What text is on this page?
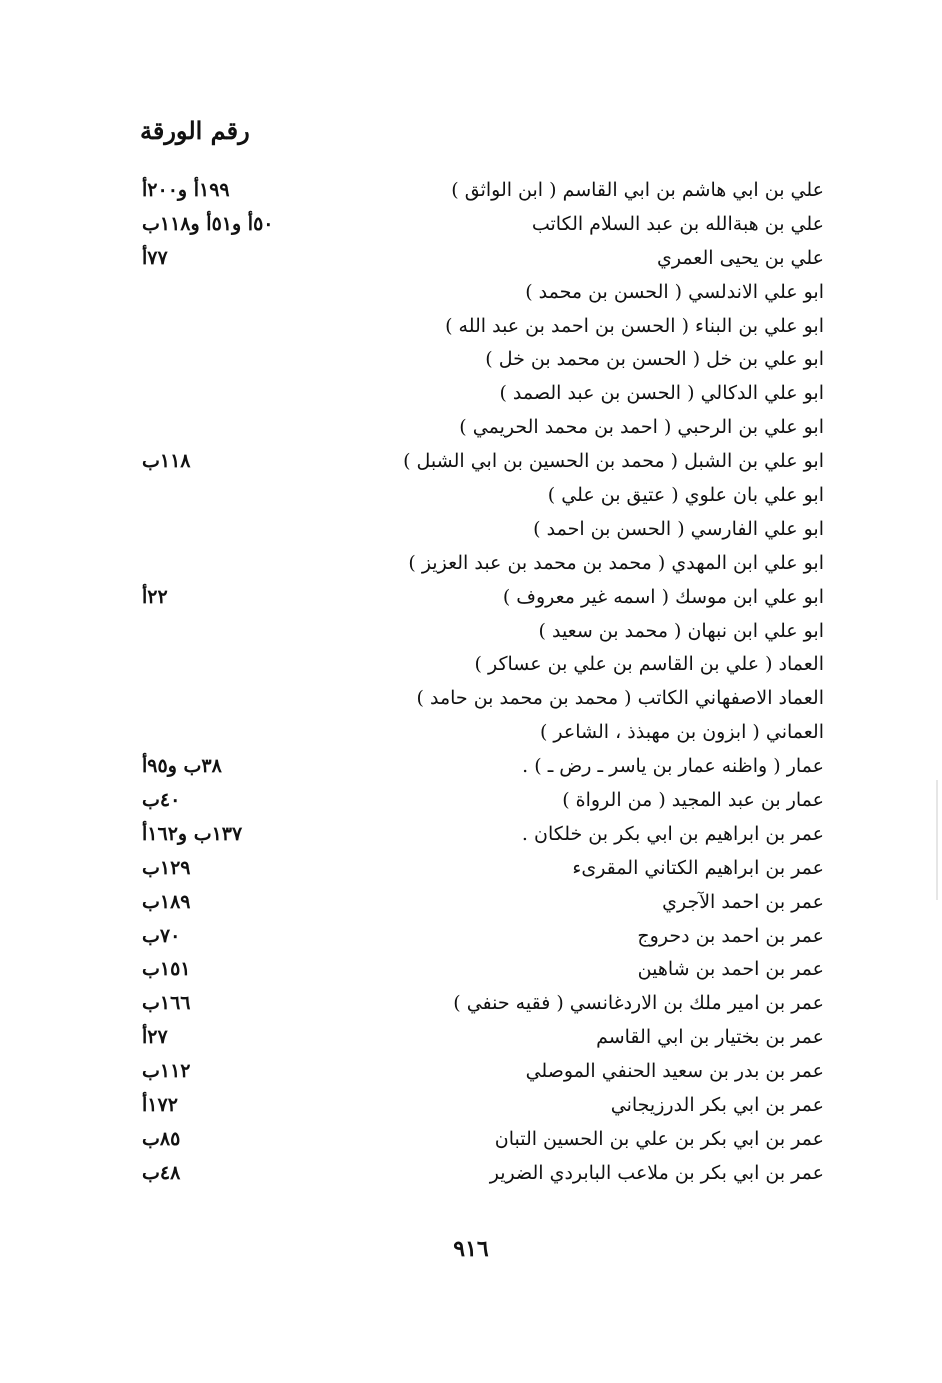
رقم الورقة
علي بن ابي هاشم بن ابي القاسم ( ابن الواثق )
١٩٩أ و٢٠٠أ
علي بن هبةالله بن عبد السلام الكاتب
٥٠أ و٥١أ و١١٨ب
علي بن يحيى العمري
٧٧أ
ابو علي الاندلسي ( الحسن بن محمد )
ابو علي بن البناء ( الحسن بن احمد بن عبد الله )
ابو علي بن خل ( الحسن بن محمد بن خل )
ابو علي الدكالي ( الحسن بن عبد الصمد )
ابو علي بن الرحبي ( احمد بن محمد الحريمي )
ابو علي بن الشبل ( محمد بن الحسين بن ابي الشبل )
١١٨ب
ابو علي بان علوي ( عتيق بن علي )
ابو علي الفارسي ( الحسن بن احمد )
ابو علي ابن المهدي ( محمد بن محمد بن عبد العزيز )
ابو علي ابن موسك ( اسمه غير معروف )
٢٢أ
ابو علي ابن نبهان ( محمد بن سعيد )
العماد ( علي بن القاسم بن علي بن عساكر )
العماد الاصفهاني الكاتب ( محمد بن محمد بن حامد )
العماني ( ابزون بن مهبذذ ، الشاعر )
عمار ( واظنه عمار بن ياسر ـ رض ـ ) .
٣٨ب و٩٥أ
عمار بن عبد المجيد ( من الرواة )
٤٠ب
عمر بن ابراهيم بن ابي بكر بن خلكان .
١٣٧ب و١٦٢أ
عمر بن ابراهيم الكتاني المقرىء
١٢٩ب
عمر بن احمد الآجري
١٨٩ب
عمر بن احمد بن دحروج
٧٠ب
عمر بن احمد بن شاهين
١٥١ب
عمر بن امير ملك بن الاردغانسي ( فقيه حنفي )
١٦٦ب
عمر بن بختيار بن ابي القاسم
٢٧أ
عمر بن بدر بن سعيد الحنفي الموصلي
١١٢ب
عمر بن ابي بكر الدرزيجاني
١٧٢أ
عمر بن ابي بكر بن علي بن الحسين التبان
٨٥ب
عمر بن ابي بكر بن ملاعب البابردي الضرير
٤٨ب
٩١٦
